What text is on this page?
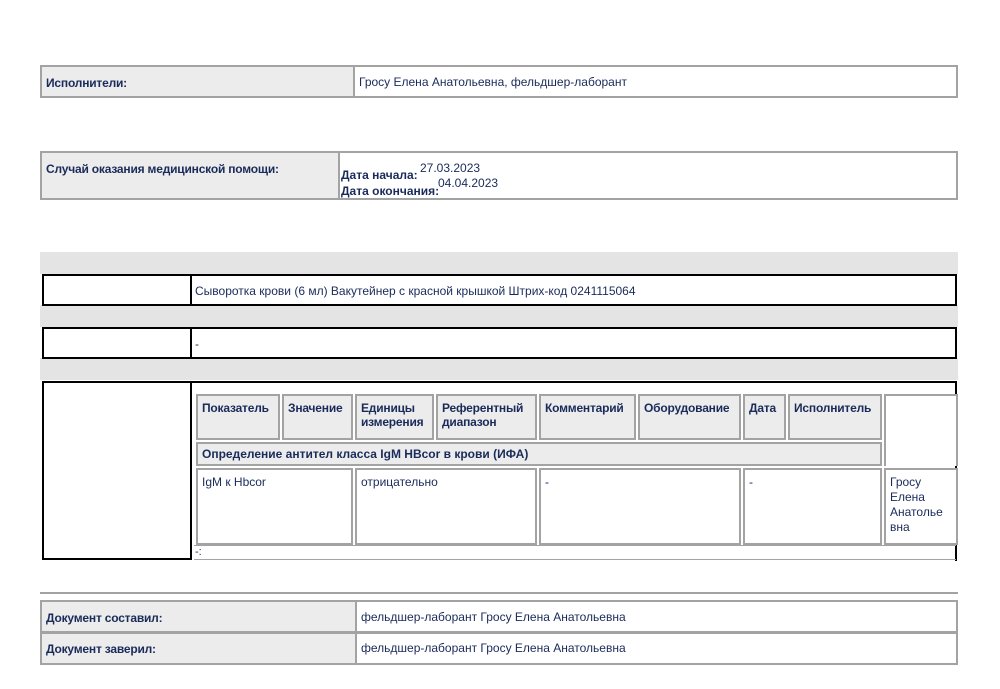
Исполнители:	Гросу Елена Анатольевна, фельдшер-лаборант
Случай оказания медицинской помощи:	Дата начала: 27.03.2023
Дата окончания:
04.04.2023
Сыворотка крови (6 мл) Вакутейнер с красной крышкой Штрих-код 0241115064
-
Показатель	Значение	Единицы измерения	Референтный диапазон	Комментарий	Оборудование	Дата	Исполнитель	
Определение антител класса IgM HBcor в крови (ИФА)								
IgM к Hbcor		отрицательно		-		-		Гросу Елена Анатолье вна
-:
Документ составил:	фельдшер-лаборант Гросу Елена Анатольевна
Документ заверил:	фельдшер-лаборант Гросу Елена Анатольевна
